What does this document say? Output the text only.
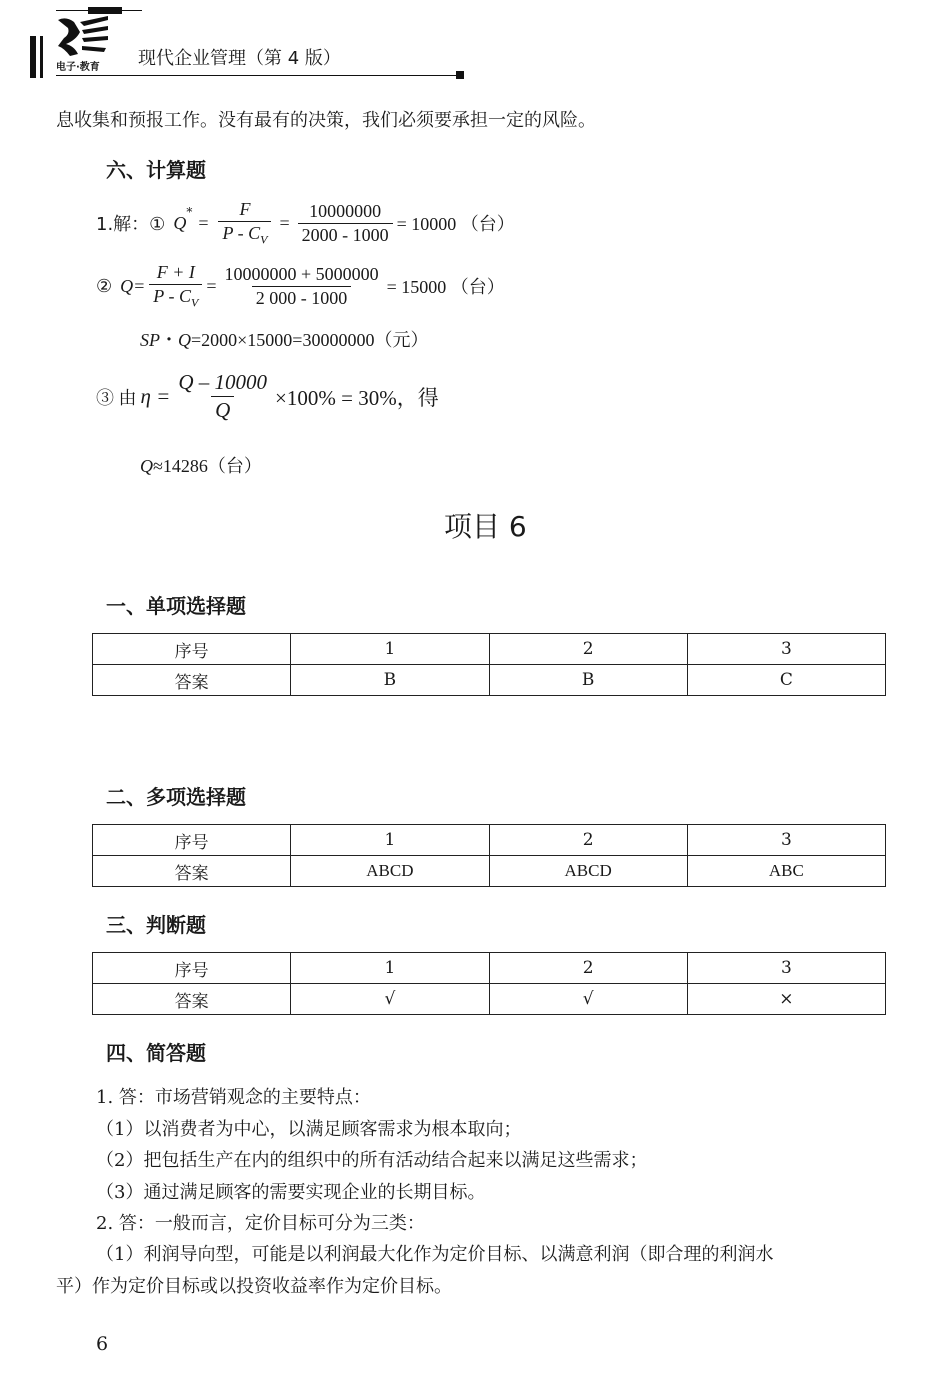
电子·教育 现代企业管理（第 4 版）
息收集和预报工作。没有最有的决策，我们必须要承担一定的风险。
六、计算题
1.解：① Q
*
= $\frac{F}{P - C_V} = \frac{10000000}{2000 - 1000} = 10000$ （台）
② $Q= \frac{F + I}{P - C_V} = \frac{10000000 + 5000000}{2 000 - 1000} = 15000$ （台）
SP・Q=2000×15000=30000000（元）
③ 由 $\eta = \frac{Q - 10000}{Q} \times 100\% = 30\%$，得
Q≈14286（台）
项目 6
一、单项选择题
序号	1	2	3
答案	B	B	C
二、多项选择题
序号	1	2	3
答案	ABCD	ABCD	ABC
三、判断题
序号	1	2	3
答案	√	√	×
四、简答题
1. 答：市场营销观念的主要特点：
（1）以消费者为中心，以满足顾客需求为根本取向；
（2）把包括生产在内的组织中的所有活动结合起来以满足这些需求；
（3）通过满足顾客的需要实现企业的长期目标。
2. 答：一般而言，定价目标可分为三类：
（1）利润导向型，可能是以利润最大化作为定价目标、以满意利润（即合理的利润水
平）作为定价目标或以投资收益率作为定价目标。
6
